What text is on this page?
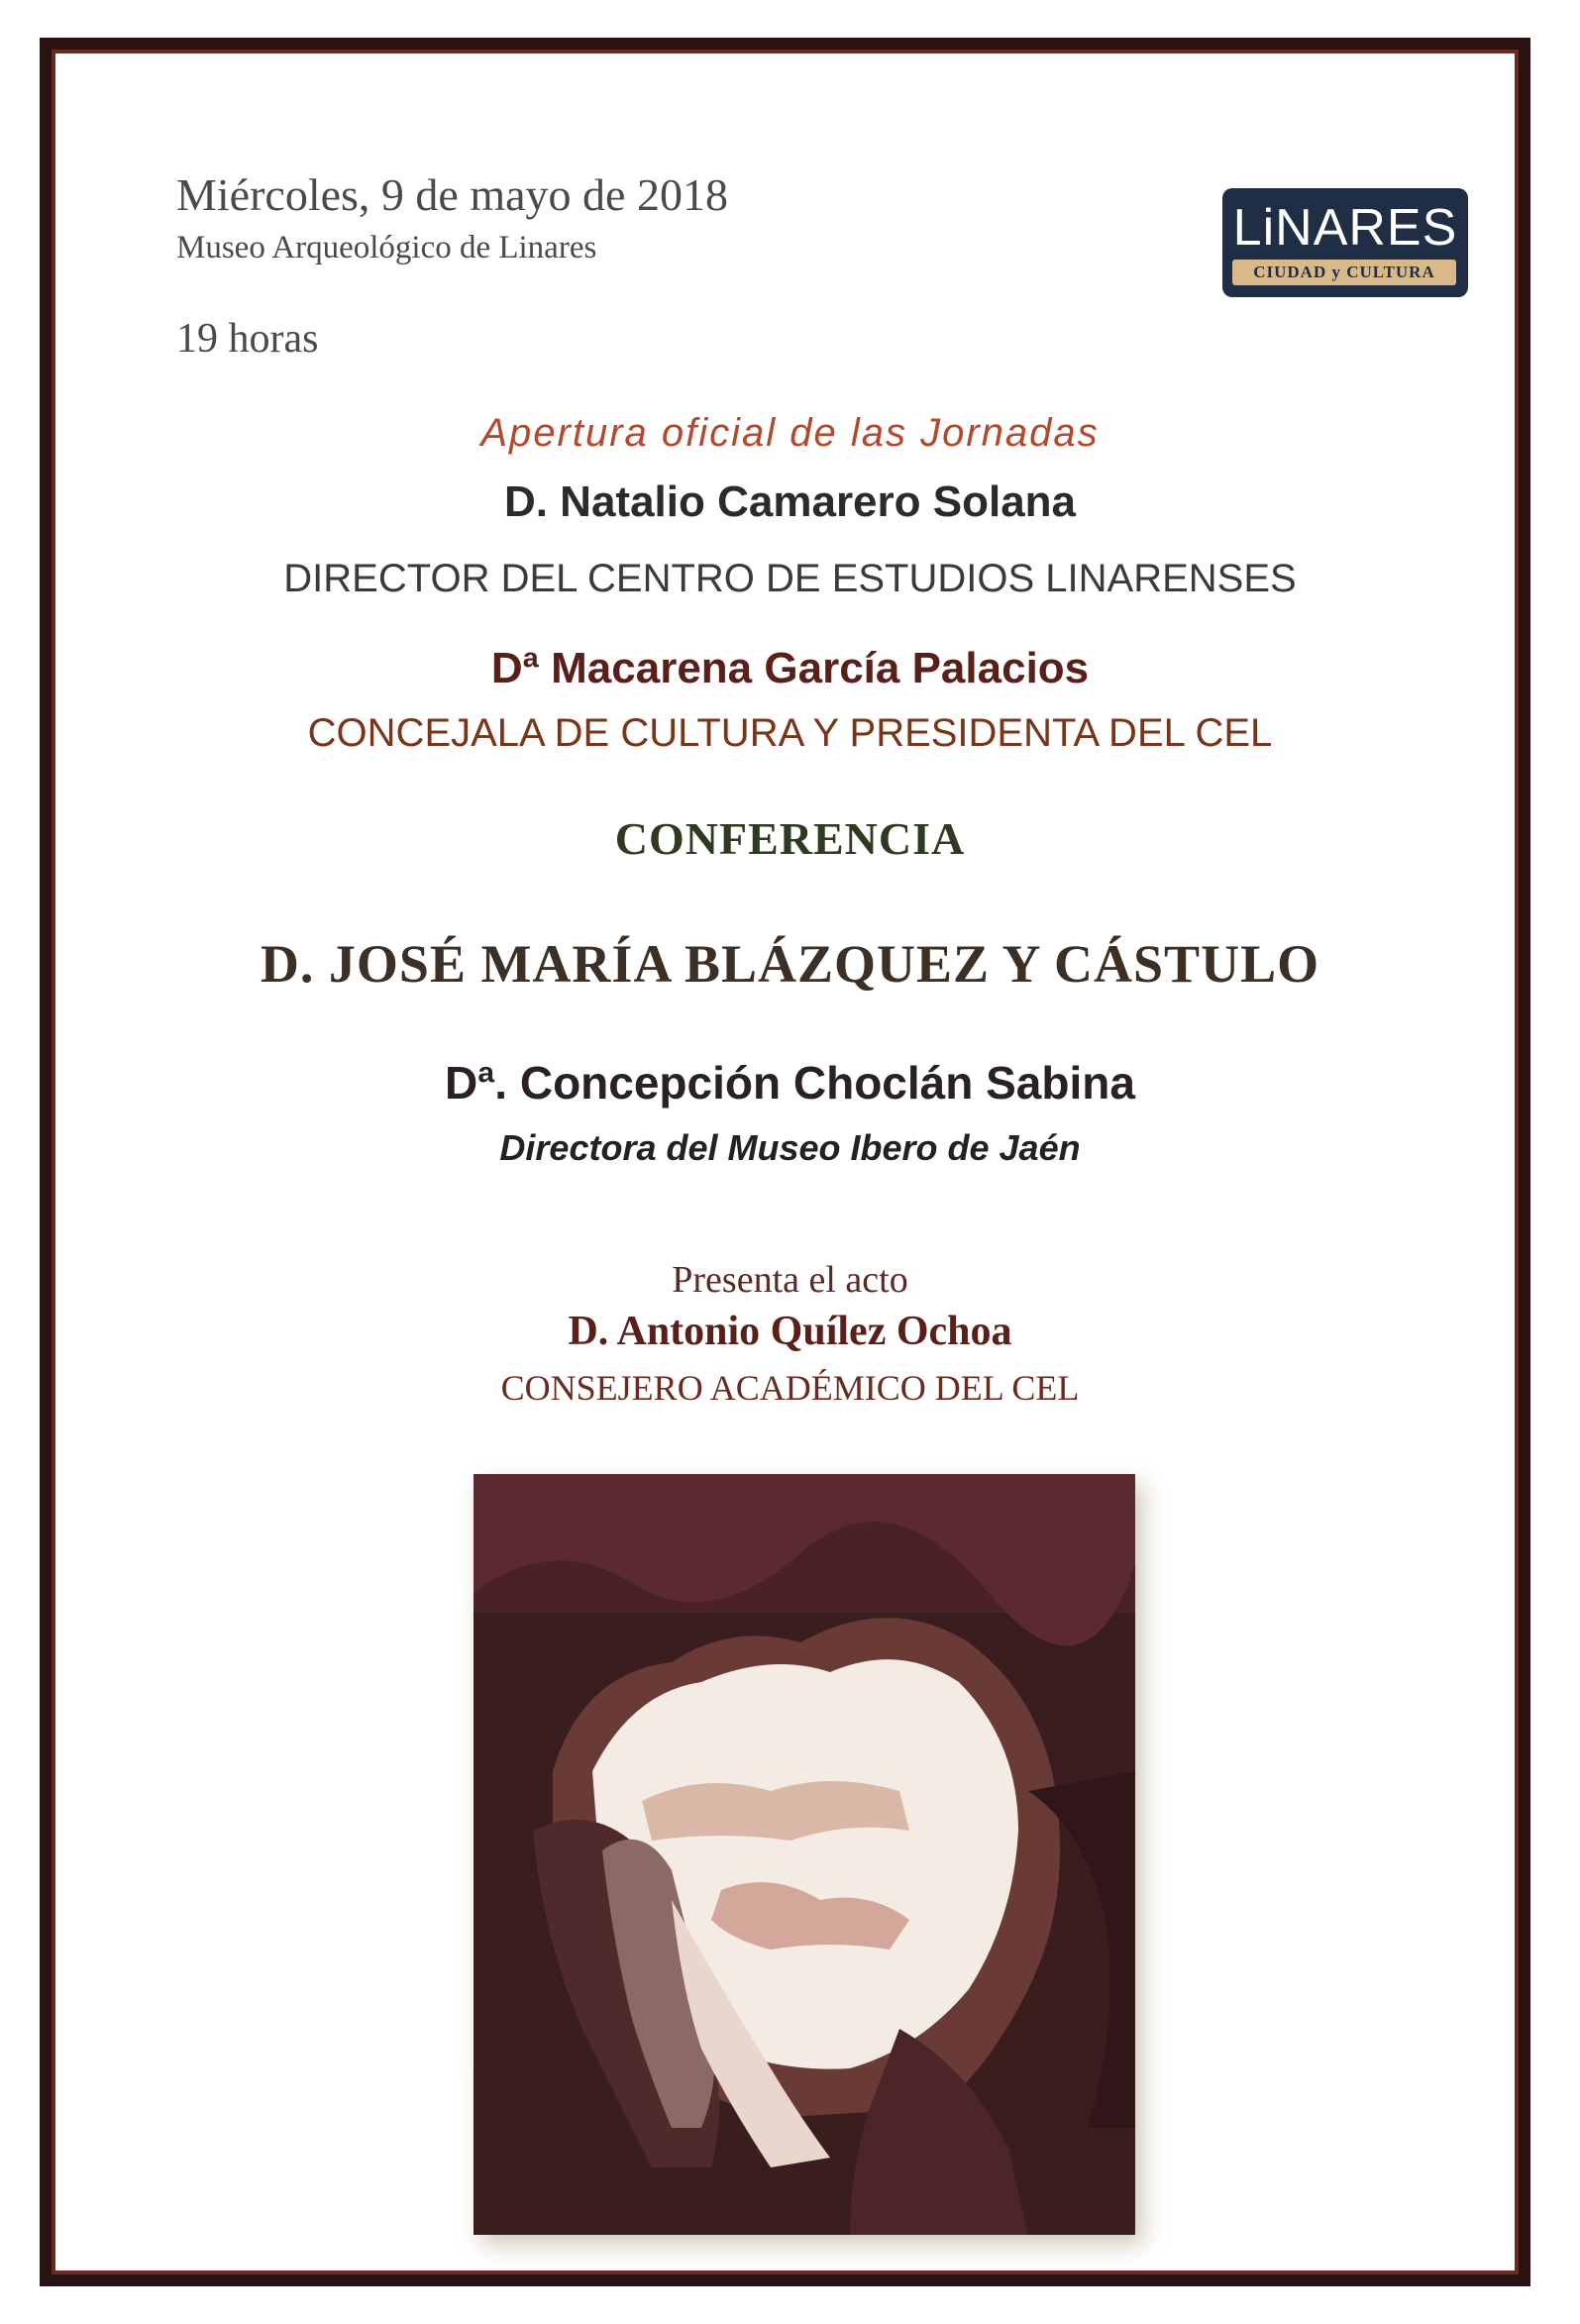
Miércoles, 9 de mayo de 2018
Museo Arqueológico de Linares
19 horas
LiNARES
CIUDAD y CULTURA
Apertura oficial de las Jornadas
D. Natalio Camarero Solana
DIRECTOR DEL CENTRO DE ESTUDIOS LINARENSES
Dª Macarena García Palacios
CONCEJALA DE CULTURA Y PRESIDENTA DEL CEL
CONFERENCIA
D. JOSÉ MARÍA BLÁZQUEZ Y CÁSTULO
Dª. Concepción Choclán Sabina
Directora del Museo Ibero de Jaén
Presenta el acto
D. Antonio Quílez Ochoa
CONSEJERO ACADÉMICO DEL CEL
